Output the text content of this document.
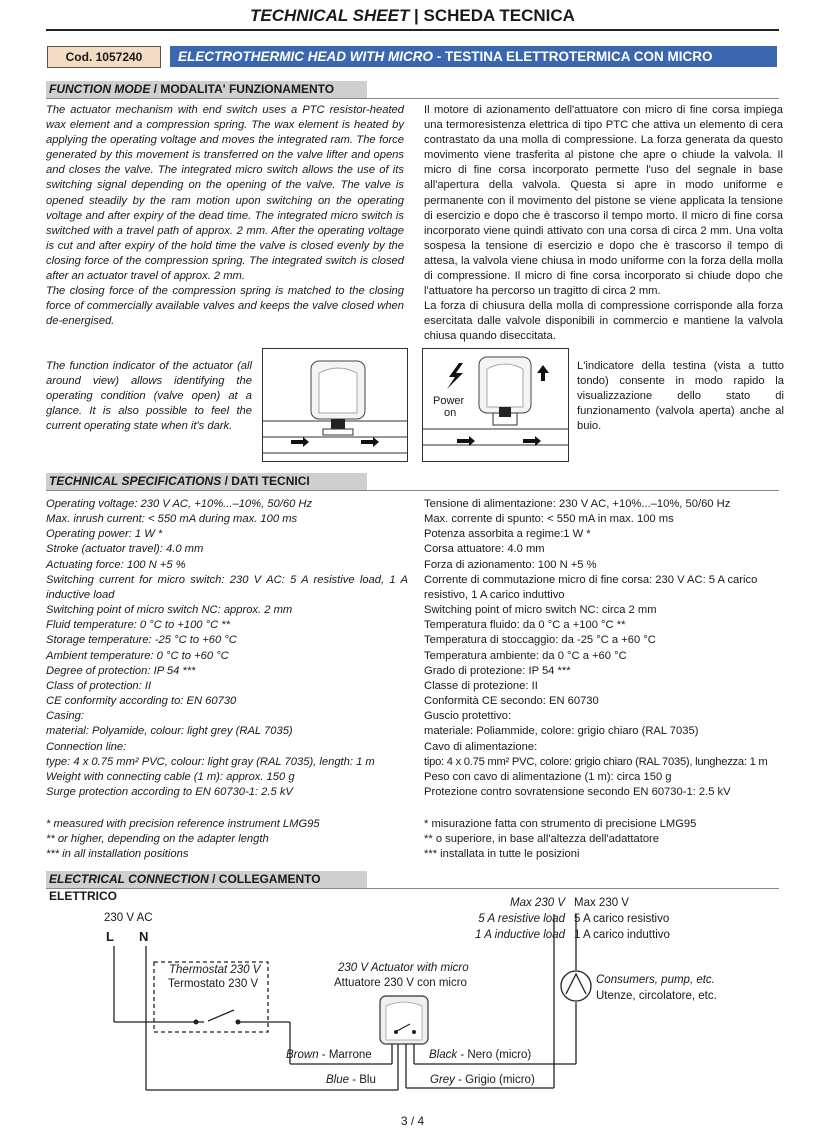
TECHNICAL SHEET | SCHEDA TECNICA
Cod. 1057240	ELECTROTHERMIC HEAD WITH MICRO - TESTINA ELETTROTERMICA CON MICRO
FUNCTION MODE / MODALITA' FUNZIONAMENTO
The actuator mechanism with end switch uses a PTC resistor-heated wax element and a compression spring. The wax element is heated by applying the operating voltage and moves the integrated ram. The force generated by this movement is transferred on the valve lifter and opens and closes the valve. The integrated micro switch allows the use of its switching signal depending on the opening of the valve. The valve is opened steadily by the ram motion upon switching on the operating voltage and after expiry of the dead time. The integrated micro switch is switched with a travel path of approx. 2 mm. After the operating voltage is cut and after expiry of the hold time the valve is closed evenly by the closing force of the compression spring. The integrated switch is closed after an actuator travel of approx. 2 mm.
The closing force of the compression spring is matched to the closing force of commercially available valves and keeps the valve closed when de-energised.
Il motore di azionamento dell'attuatore con micro di fine corsa impiega una termoresistenza elettrica di tipo PTC che attiva un elemento di cera contrastato da una molla di compressione. La forza generata da questo movimento viene trasferita al pistone che apre o chiude la valvola. Il micro di fine corsa incorporato permette l'uso del segnale in base all'apertura della valvola. Questa si apre in modo uniforme e permanente con il movimento del pistone se viene applicata la tensione di esercizio e dopo che è trascorso il tempo morto. Il micro di fine corsa incorporato viene quindi attivato con una corsa di circa 2 mm. Una volta sospesa la tensione di esercizio e dopo che è trascorso il tempo di attesa, la valvola viene chiusa in modo uniforme con la forza della molla di compressione. Il micro di fine corsa incorporato si chiude dopo che l'attuatore ha percorso un tragitto di circa 2 mm.
La forza di chiusura della molla di compressione corrisponde alla forza esercitata dalle valvole disponibili in commercio e mantiene la valvola chiusa quando diseccitata.
The function indicator of the actuator (all around view) allows identifying the operating condition (valve open) at a glance. It is also possible to feel the current operating state when it's dark.
L'indicatore della testina (vista a tutto tondo) consente in modo rapido la visualizzazione dello stato di funzionamento (valvola aperta) anche al buio.
Power
on
TECHNICAL SPECIFICATIONS / DATI TECNICI
Operating voltage: 230 V AC, +10%...–10%, 50/60 Hz
Max. inrush current: < 550 mA during max. 100 ms
Operating power: 1 W *
Stroke (actuator travel): 4.0 mm
Actuating force: 100 N +5 %
Switching current for micro switch: 230 V AC: 5 A resistive load, 1 A inductive load
Switching point of micro switch NC: approx. 2 mm
Fluid temperature: 0 °C to +100 °C **
Storage temperature: -25 °C to +60 °C
Ambient temperature: 0 °C to +60 °C
Degree of protection: IP 54 ***
Class of protection: II
CE conformity according to: EN 60730
Casing:
material: Polyamide, colour: light grey (RAL 7035)
Connection line:
type: 4 x 0.75 mm² PVC, colour: light gray (RAL 7035), length: 1 m
Weight with connecting cable (1 m): approx. 150 g
Surge protection according to EN 60730-1: 2.5 kV
Tensione di alimentazione: 230 V AC, +10%...–10%, 50/60 Hz
Max. corrente di spunto: < 550 mA in max. 100 ms
Potenza assorbita a regime:1 W *
Corsa attuatore: 4.0 mm
Forza di azionamento: 100 N +5 %
Corrente di commutazione micro di fine corsa: 230 V AC: 5 A carico resistivo, 1 A carico induttivo
Switching point of micro switch NC: circa 2 mm
Temperatura fluido: da 0 °C a +100 °C **
Temperatura di stoccaggio: da -25 °C a +60 °C
Temperatura ambiente: da 0 °C a +60 °C
Grado di protezione: IP 54 ***
Classe di protezione: II
Conformità CE secondo: EN 60730
Guscio protettivo:
materiale: Poliammide, colore: grigio chiaro (RAL 7035)
Cavo di alimentazione:
tipo: 4 x 0.75 mm² PVC, colore: grigio chiaro (RAL 7035), lunghezza: 1 m
Peso con cavo di alimentazione (1 m): circa 150 g
Protezione contro sovratensione secondo EN 60730-1: 2.5 kV
* measured with precision reference instrument LMG95
** or higher, depending on the adapter length
*** in all installation positions
* misurazione fatta con strumento di precisione LMG95
** o superiore, in base all'altezza dell'adattatore
*** installata in tutte le posizioni
ELECTRICAL CONNECTION / COLLEGAMENTO ELETTRICO
230 V AC
L N
Max 230 V Max 230 V
5 A resistive load 5 A carico resistivo
1 A inductive load 1 A carico induttivo
Thermostat 230 V
Termostato 230 V
230 V Actuator with micro
Attuatore 230 V con micro	Consumers, pump, etc.
Utenze, circolatore, etc.
Brown - Marrone
Blue - Blu
Black - Nero (micro)
Grey - Grigio (micro)
3 / 4
